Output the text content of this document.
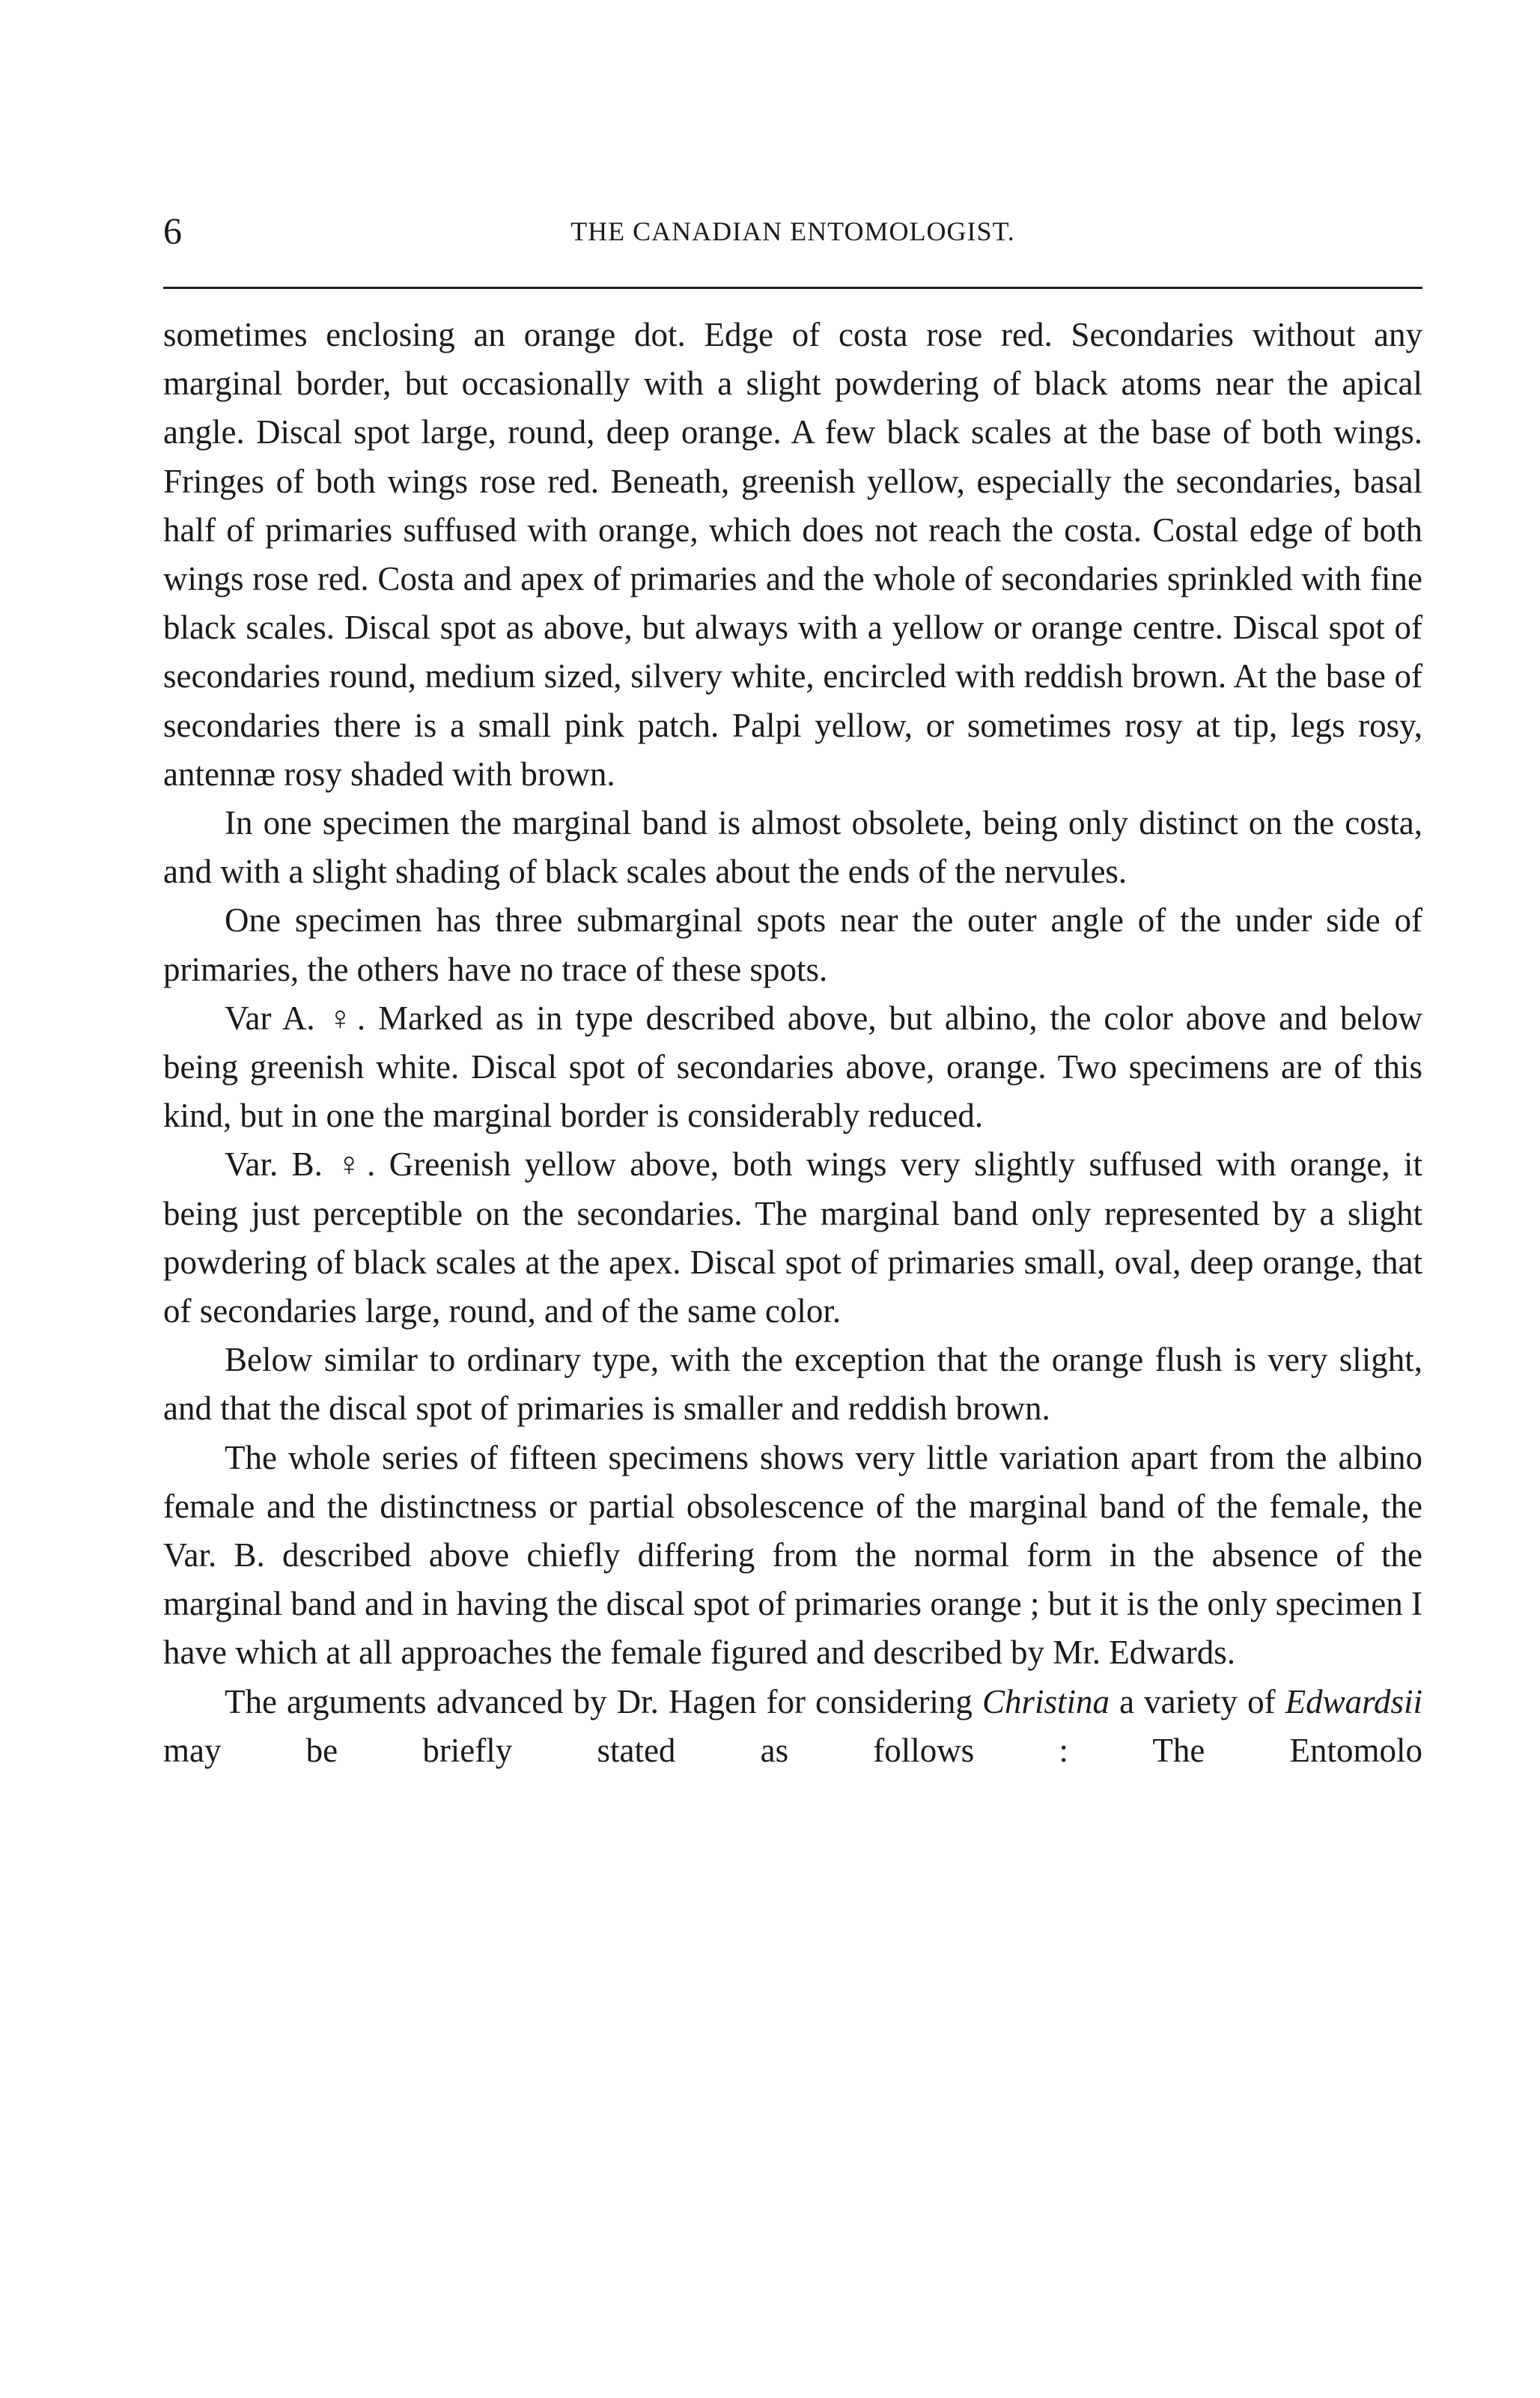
6	THE CANADIAN ENTOMOLOGIST.

sometimes enclosing an orange dot. Edge of costa rose red. Secondaries without any marginal border, but occasionally with a slight powdering of black atoms near the apical angle. Discal spot large, round, deep orange. A few black scales at the base of both wings. Fringes of both wings rose red. Beneath, greenish yellow, especially the secondaries, basal half of primaries suffused with orange, which does not reach the costa. Costal edge of both wings rose red. Costa and apex of primaries and the whole of secondaries sprinkled with fine black scales. Discal spot as above, but always with a yellow or orange centre. Discal spot of secondaries round, medium sized, silvery white, encircled with reddish brown. At the base of secondaries there is a small pink patch. Palpi yellow, or sometimes rosy at tip, legs rosy, antennæ rosy shaded with brown.

In one specimen the marginal band is almost obsolete, being only distinct on the costa, and with a slight shading of black scales about the ends of the nervules.

One specimen has three submarginal spots near the outer angle of the under side of primaries, the others have no trace of these spots.

Var A. ♀. Marked as in type described above, but albino, the color above and below being greenish white. Discal spot of secondaries above, orange. Two specimens are of this kind, but in one the marginal border is considerably reduced.

Var. B. ♀. Greenish yellow above, both wings very slightly suffused with orange, it being just perceptible on the secondaries. The marginal band only represented by a slight powdering of black scales at the apex. Discal spot of primaries small, oval, deep orange, that of secondaries large, round, and of the same color.

Below similar to ordinary type, with the exception that the orange flush is very slight, and that the discal spot of primaries is smaller and reddish brown.

The whole series of fifteen specimens shows very little variation apart from the albino female and the distinctness or partial obsolescence of the marginal band of the female, the Var. B. described above chiefly differing from the normal form in the absence of the marginal band and in having the discal spot of primaries orange ; but it is the only specimen I have which at all approaches the female figured and described by Mr. Edwards.

The arguments advanced by Dr. Hagen for considering Christina a variety of Edwardsii may be briefly stated as follows : The Entomolo
